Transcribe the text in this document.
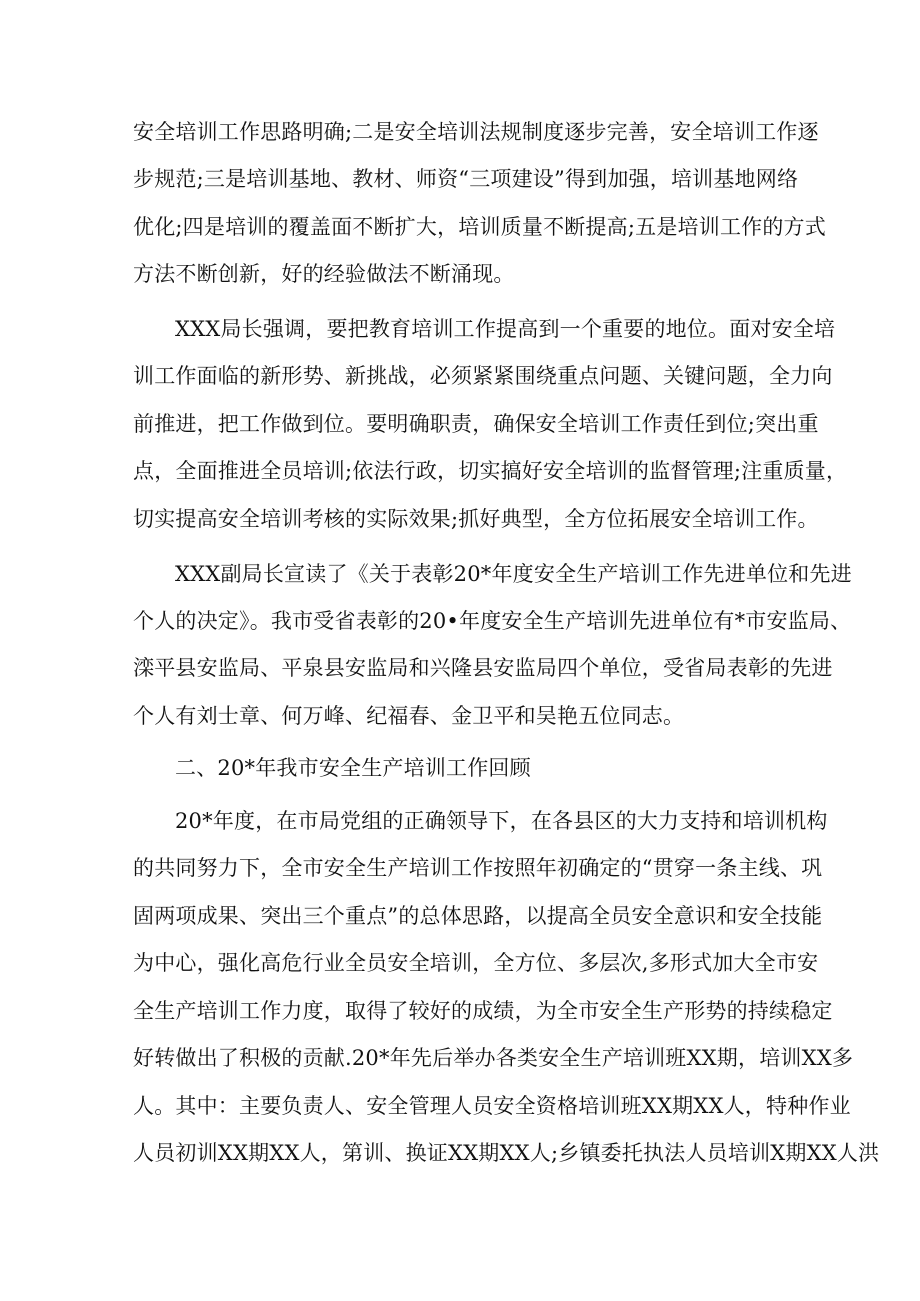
安全培训工作思路明确;二是安全培训法规制度逐步完善，安全培训工作逐
步规范;三是培训基地、教材、师资“三项建设”得到加强，培训基地网络
优化;四是培训的覆盖面不断扩大，培训质量不断提高;五是培训工作的方式
方法不断创新，好的经验做法不断涌现。
XXX局长强调，要把教育培训工作提高到一个重要的地位。面对安全培
训工作面临的新形势、新挑战，必须紧紧围绕重点问题、关键问题，全力向
前推进，把工作做到位。要明确职责，确保安全培训工作责任到位;突出重
点，全面推进全员培训;依法行政，切实搞好安全培训的监督管理;注重质量，
切实提高安全培训考核的实际效果;抓好典型，全方位拓展安全培训工作。
XXX副局长宣读了《关于表彰20*年度安全生产培训工作先进单位和先进
个人的决定》。我市受省表彰的20•年度安全生产培训先进单位有*市安监局、
滦平县安监局、平泉县安监局和兴隆县安监局四个单位，受省局表彰的先进
个人有刘士章、何万峰、纪福春、金卫平和吴艳五位同志。
二、20*年我市安全生产培训工作回顾
20*年度，在市局党组的正确领导下，在各县区的大力支持和培训机构
的共同努力下，全市安全生产培训工作按照年初确定的“贯穿一条主线、巩
固两项成果、突出三个重点”的总体思路，以提高全员安全意识和安全技能
为中心，强化高危行业全员安全培训，全方位、多层次,多形式加大全市安
全生产培训工作力度，取得了较好的成绩，为全市安全生产形势的持续稳定
好转做出了积极的贡献.20*年先后举办各类安全生产培训班XX期，培训XX多
人。其中：主要负责人、安全管理人员安全资格培训班XX期XX人，特种作业
人员初训XX期XX人，第训、换证XX期XX人;乡镇委托执法人员培训X期XX人洪
